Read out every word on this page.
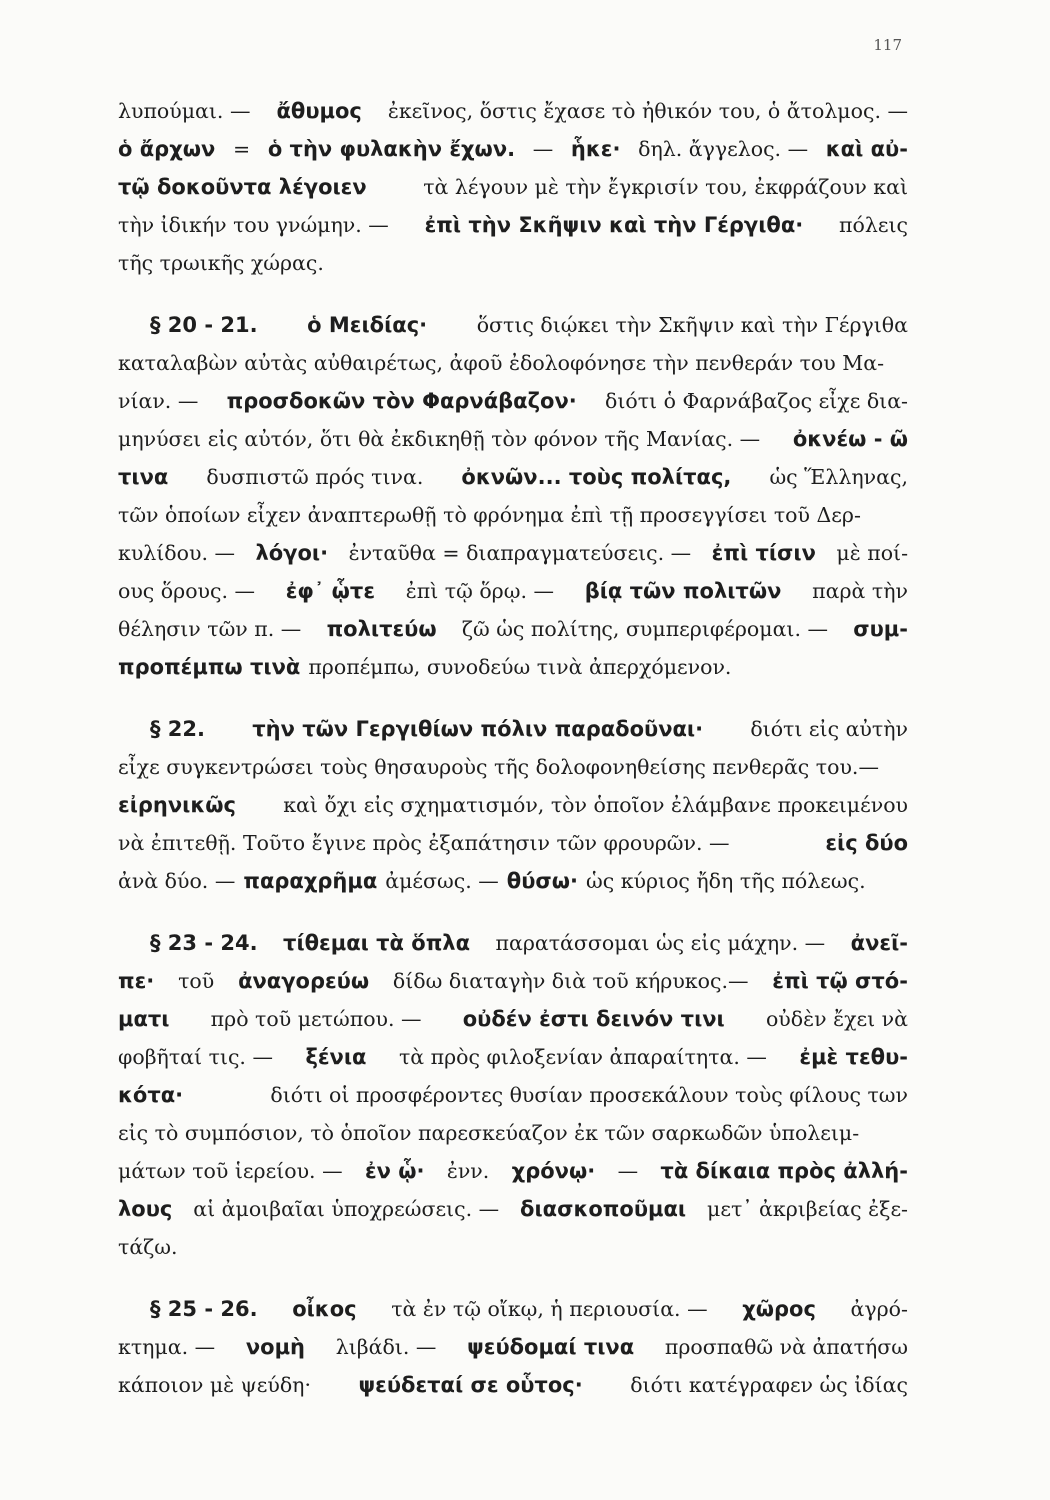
117
λυπούμαι. — ἄθυμος ἐκεῖνος, ὅστις ἔχασε τὸ ἠθικόν του, ὁ ἄτολμος. —
ὁ ἄρχων = ὁ τὴν φυλακὴν ἔχων. — ἧκε· δηλ. ἄγγελος. — καὶ αὐ-
τῷ δοκοῦντα λέγοιεν	τὰ λέγουν μὲ τὴν ἔγκρισίν του, ἐκφράζουν καὶ
τὴν ἰδικήν του γνώμην. — ἐπὶ τὴν Σκῆψιν καὶ τὴν Γέργιθα· πόλεις
τῆς τρωικῆς χώρας.
§ 20 - 21. ὁ Μειδίας· ὅστις διῴκει τὴν Σκῆψιν καὶ τὴν Γέργιθα
καταλαβὼν αὐτὰς αὐθαιρέτως, ἀφοῦ ἐδολοφόνησε τὴν πενθεράν του Μα-
νίαν. — προσδοκῶν τὸν Φαρνάβαζον· διότι ὁ Φαρνάβαζος εἶχε δια-
μηνύσει εἰς αὐτόν, ὅτι θὰ ἐκδικηθῇ τὸν φόνον τῆς Μανίας. — ὀκνέω - ῶ
τινα δυσπιστῶ πρός τινα. ὀκνῶν... τοὺς πολίτας, ὡς Ἕλληνας,
τῶν ὁποίων εἶχεν ἀναπτερωθῇ τὸ φρόνημα ἐπὶ τῇ προσεγγίσει τοῦ Δερ-
κυλίδου. — λόγοι· ἐνταῦθα = διαπραγματεύσεις. — ἐπὶ τίσιν μὲ ποί-
ους ὅρους. — ἐφ᾽ ᾧτε ἐπὶ τῷ ὅρῳ. — βίᾳ τῶν πολιτῶν παρὰ τὴν
θέλησιν τῶν π. — πολιτεύω ζῶ ὡς πολίτης, συμπεριφέρομαι. — συμ-
προπέμπω τινὰ προπέμπω, συνοδεύω τινὰ ἀπερχόμενον.
§ 22. τὴν τῶν Γεργιθίων πόλιν παραδοῦναι· διότι εἰς αὐτὴν
εἶχε συγκεντρώσει τοὺς θησαυροὺς τῆς δολοφονηθείσης πενθερᾶς του.—
εἰρηνικῶς καὶ ὄχι εἰς σχηματισμόν, τὸν ὁποῖον ἐλάμβανε προκειμένου
νὰ ἐπιτεθῇ. Τοῦτο ἔγινε πρὸς ἐξαπάτησιν τῶν φρουρῶν. —	εἰς δύο
ἀνὰ δύο. — παραχρῆμα ἀμέσως. — θύσω· ὡς κύριος ἤδη τῆς πόλεως.
§ 23 - 24. τίθεμαι τὰ ὅπλα παρατάσσομαι ὡς εἰς μάχην. — ἀνεῖ-
πε· τοῦ ἀναγορεύω δίδω διαταγὴν διὰ τοῦ κήρυκος.— ἐπὶ τῷ στό-
ματι πρὸ τοῦ μετώπου. — οὐδέν ἐστι δεινόν τινι οὐδὲν ἔχει νὰ
φοβῆταί τις. — ξένια τὰ πρὸς φιλοξενίαν ἀπαραίτητα. — ἐμὲ τεθυ-
κότα·	διότι οἱ προσφέροντες θυσίαν προσεκάλουν τοὺς φίλους των
εἰς τὸ συμπόσιον, τὸ ὁποῖον παρεσκεύαζον ἐκ τῶν σαρκωδῶν ὑπολειμ-
μάτων τοῦ ἱερείου. — ἐν ᾧ· ἐνν. χρόνῳ· — τὰ δίκαια πρὸς ἀλλή-
λους αἱ ἀμοιβαῖαι ὑποχρεώσεις. — διασκοποῦμαι μετ᾽ ἀκριβείας ἐξε-
τάζω.
§ 25 - 26. οἶκος τὰ ἐν τῷ οἴκῳ, ἡ περιουσία. — χῶρος ἀγρό-
κτημα. — νομὴ λιβάδι. — ψεύδομαί τινα προσπαθῶ νὰ ἀπατήσω
κάποιον μὲ ψεύδη· ψεύδεταί σε οὗτος· διότι κατέγραφεν ὡς ἰδίας
